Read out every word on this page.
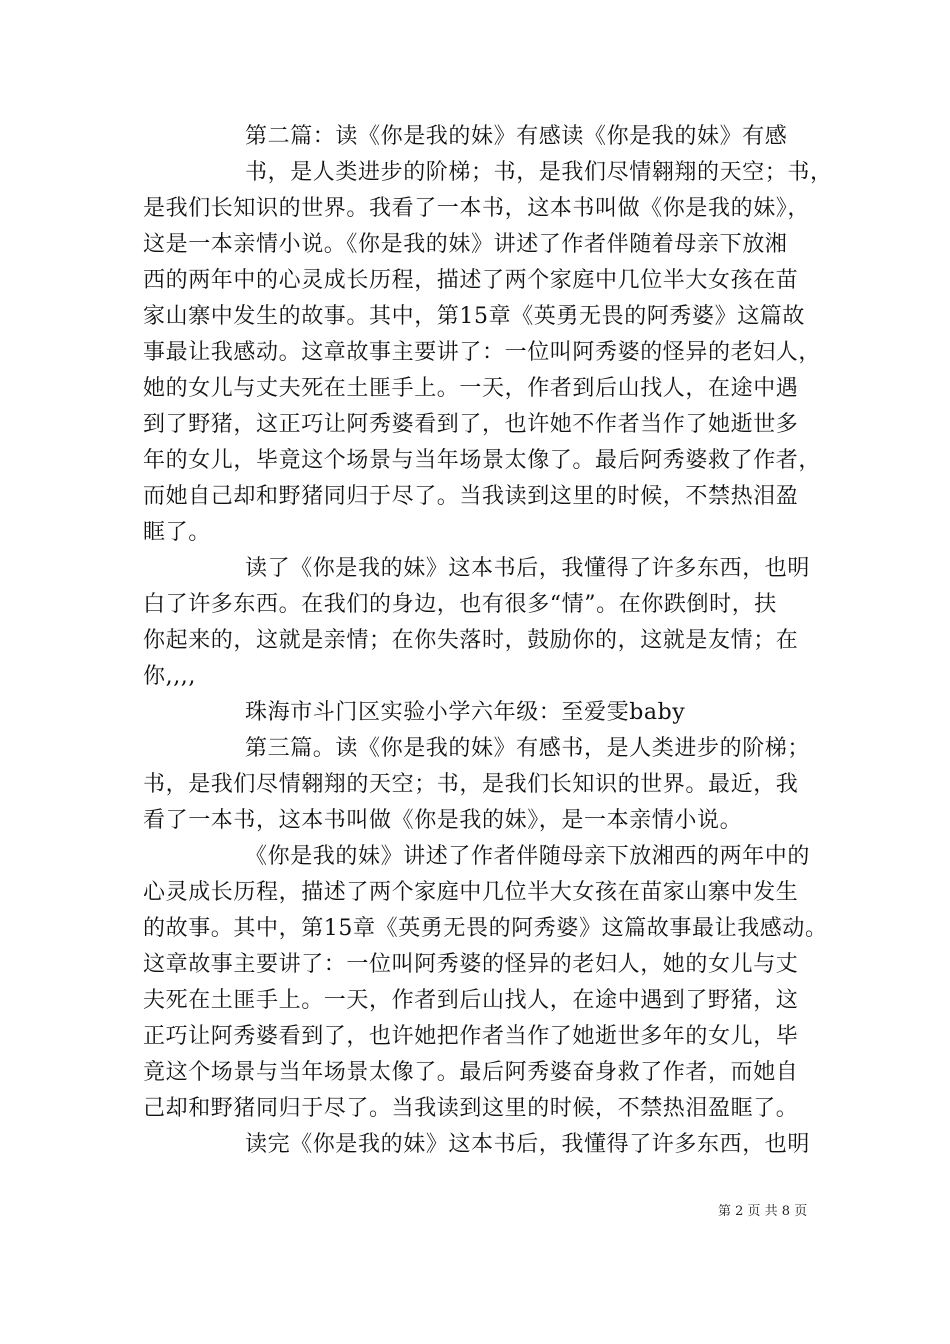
第二篇：读《你是我的妹》有感读《你是我的妹》有感
书，是人类进步的阶梯；书，是我们尽情翱翔的天空；书，
是我们长知识的世界。我看了一本书，这本书叫做《你是我的妹》，
这是一本亲情小说。《你是我的妹》讲述了作者伴随着母亲下放湘
西的两年中的心灵成长历程，描述了两个家庭中几位半大女孩在苗
家山寨中发生的故事。其中，第15章《英勇无畏的阿秀婆》这篇故
事最让我感动。这章故事主要讲了：一位叫阿秀婆的怪异的老妇人，
她的女儿与丈夫死在土匪手上。一天，作者到后山找人，在途中遇
到了野猪，这正巧让阿秀婆看到了，也许她不作者当作了她逝世多
年的女儿，毕竟这个场景与当年场景太像了。最后阿秀婆救了作者，
而她自己却和野猪同归于尽了。当我读到这里的时候，不禁热泪盈
眶了。
读了《你是我的妹》这本书后，我懂得了许多东西，也明
白了许多东西。在我们的身边，也有很多“情”。在你跌倒时，扶
你起来的，这就是亲情；在你失落时，鼓励你的，这就是友情；在
你,,,,
珠海市斗门区实验小学六年级：至爱雯baby
第三篇。读《你是我的妹》有感书，是人类进步的阶梯；
书，是我们尽情翱翔的天空；书，是我们长知识的世界。最近，我
看了一本书，这本书叫做《你是我的妹》，是一本亲情小说。
《你是我的妹》讲述了作者伴随母亲下放湘西的两年中的
心灵成长历程，描述了两个家庭中几位半大女孩在苗家山寨中发生
的故事。其中，第15章《英勇无畏的阿秀婆》这篇故事最让我感动。
这章故事主要讲了：一位叫阿秀婆的怪异的老妇人，她的女儿与丈
夫死在土匪手上。一天，作者到后山找人，在途中遇到了野猪，这
正巧让阿秀婆看到了，也许她把作者当作了她逝世多年的女儿，毕
竟这个场景与当年场景太像了。最后阿秀婆奋身救了作者，而她自
己却和野猪同归于尽了。当我读到这里的时候，不禁热泪盈眶了。
读完《你是我的妹》这本书后，我懂得了许多东西，也明
第 2 页 共 8 页
